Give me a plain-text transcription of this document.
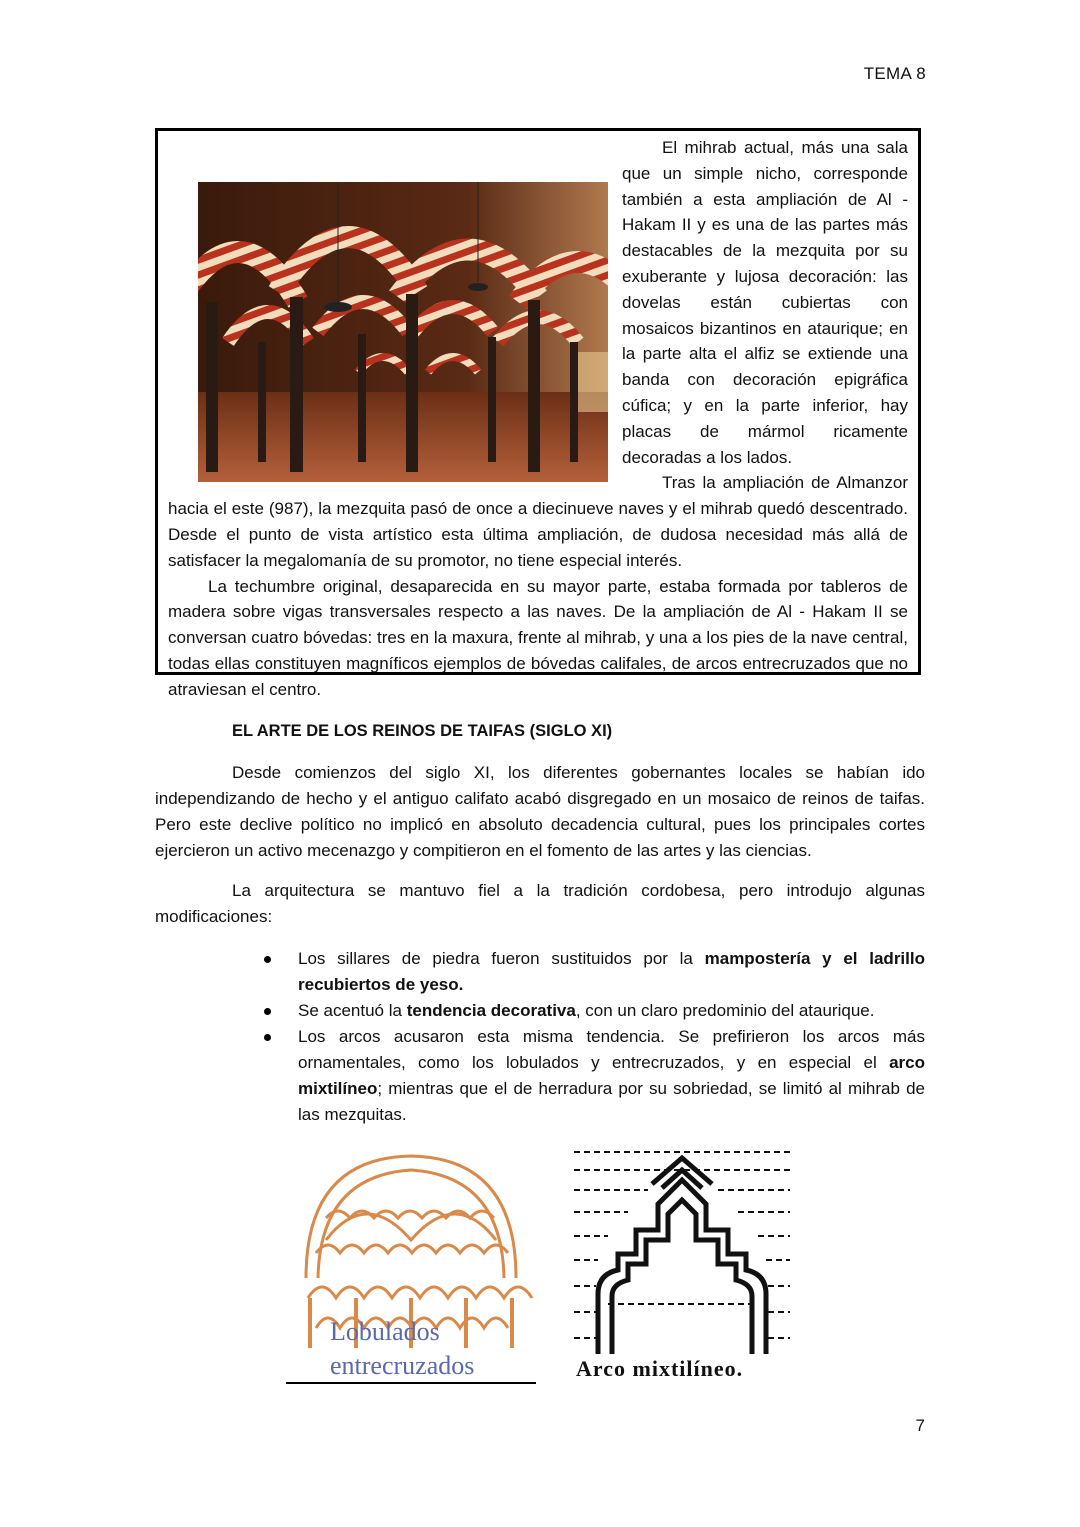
TEMA 8

El mihrab actual, más una sala que un simple nicho, corresponde también a esta ampliación de Al - Hakam II y es una de las partes más destacables de la mezquita por su exuberante y lujosa decoración: las dovelas están cubiertas con mosaicos bizantinos en ataurique; en la parte alta el alfiz se extiende una banda con decoración epigráfica cúfica; y en la parte inferior, hay placas de mármol ricamente decoradas a los lados.

Tras la ampliación de Almanzor hacia el este (987), la mezquita pasó de once a diecinueve naves y el mihrab quedó descentrado. Desde el punto de vista artístico esta última ampliación, de dudosa necesidad más allá de satisfacer la megalomanía de su promotor, no tiene especial interés.

La techumbre original, desaparecida en su mayor parte, estaba formada por tableros de madera sobre vigas transversales respecto a las naves. De la ampliación de Al - Hakam II se conversan cuatro bóvedas: tres en la maxura, frente al mihrab, y una a los pies de la nave central, todas ellas constituyen magníficos ejemplos de bóvedas califales, de arcos entrecruzados que no atraviesan el centro.

EL ARTE DE LOS REINOS DE TAIFAS (SIGLO XI)

Desde comienzos del siglo XI, los diferentes gobernantes locales se habían ido independizando de hecho y el antiguo califato acabó disgregado en un mosaico de reinos de taifas. Pero este declive político no implicó en absoluto decadencia cultural, pues los principales cortes ejercieron un activo mecenazgo y compitieron en el fomento de las artes y las ciencias.

La arquitectura se mantuvo fiel a la tradición cordobesa, pero introdujo algunas modificaciones:

Los sillares de piedra fueron sustituidos por la mampostería y el ladrillo recubiertos de yeso.
Se acentuó la tendencia decorativa, con un claro predominio del ataurique.
Los arcos acusaron esta misma tendencia. Se prefirieron los arcos más ornamentales, como los lobulados y entrecruzados, y en especial el arco mixtilíneo; mientras que el de herradura por su sobriedad, se limitó al mihrab de las mezquitas.
Lobulados
entrecruzados	Arco mixtilíneo.
7
